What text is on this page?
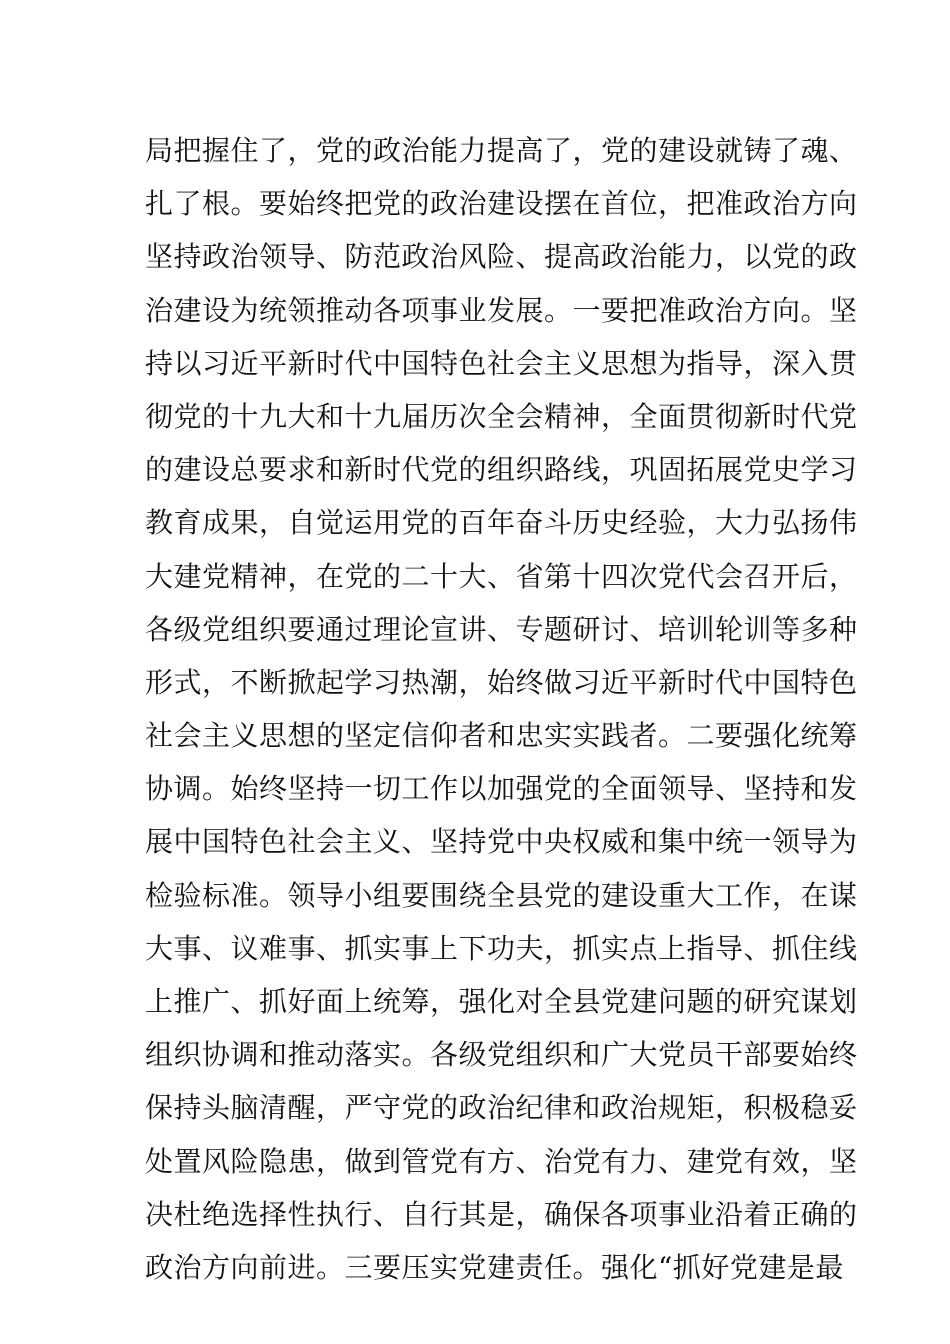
局把握住了，党的政治能力提高了，党的建设就铸了魂、
扎了根。要始终把党的政治建设摆在首位，把准政治方向
坚持政治领导、防范政治风险、提高政治能力，以党的政
治建设为统领推动各项事业发展。一要把准政治方向。坚
持以习近平新时代中国特色社会主义思想为指导，深入贯
彻党的十九大和十九届历次全会精神，全面贯彻新时代党
的建设总要求和新时代党的组织路线，巩固拓展党史学习
教育成果，自觉运用党的百年奋斗历史经验，大力弘扬伟
大建党精神，在党的二十大、省第十四次党代会召开后，
各级党组织要通过理论宣讲、专题研讨、培训轮训等多种
形式，不断掀起学习热潮，始终做习近平新时代中国特色
社会主义思想的坚定信仰者和忠实实践者。二要强化统筹
协调。始终坚持一切工作以加强党的全面领导、坚持和发
展中国特色社会主义、坚持党中央权威和集中统一领导为
检验标准。领导小组要围绕全县党的建设重大工作，在谋
大事、议难事、抓实事上下功夫，抓实点上指导、抓住线
上推广、抓好面上统筹，强化对全县党建问题的研究谋划
组织协调和推动落实。各级党组织和广大党员干部要始终
保持头脑清醒，严守党的政治纪律和政治规矩，积极稳妥
处置风险隐患，做到管党有方、治党有力、建党有效，坚
决杜绝选择性执行、自行其是，确保各项事业沿着正确的
政治方向前进。三要压实党建责任。强化“抓好党建是最
